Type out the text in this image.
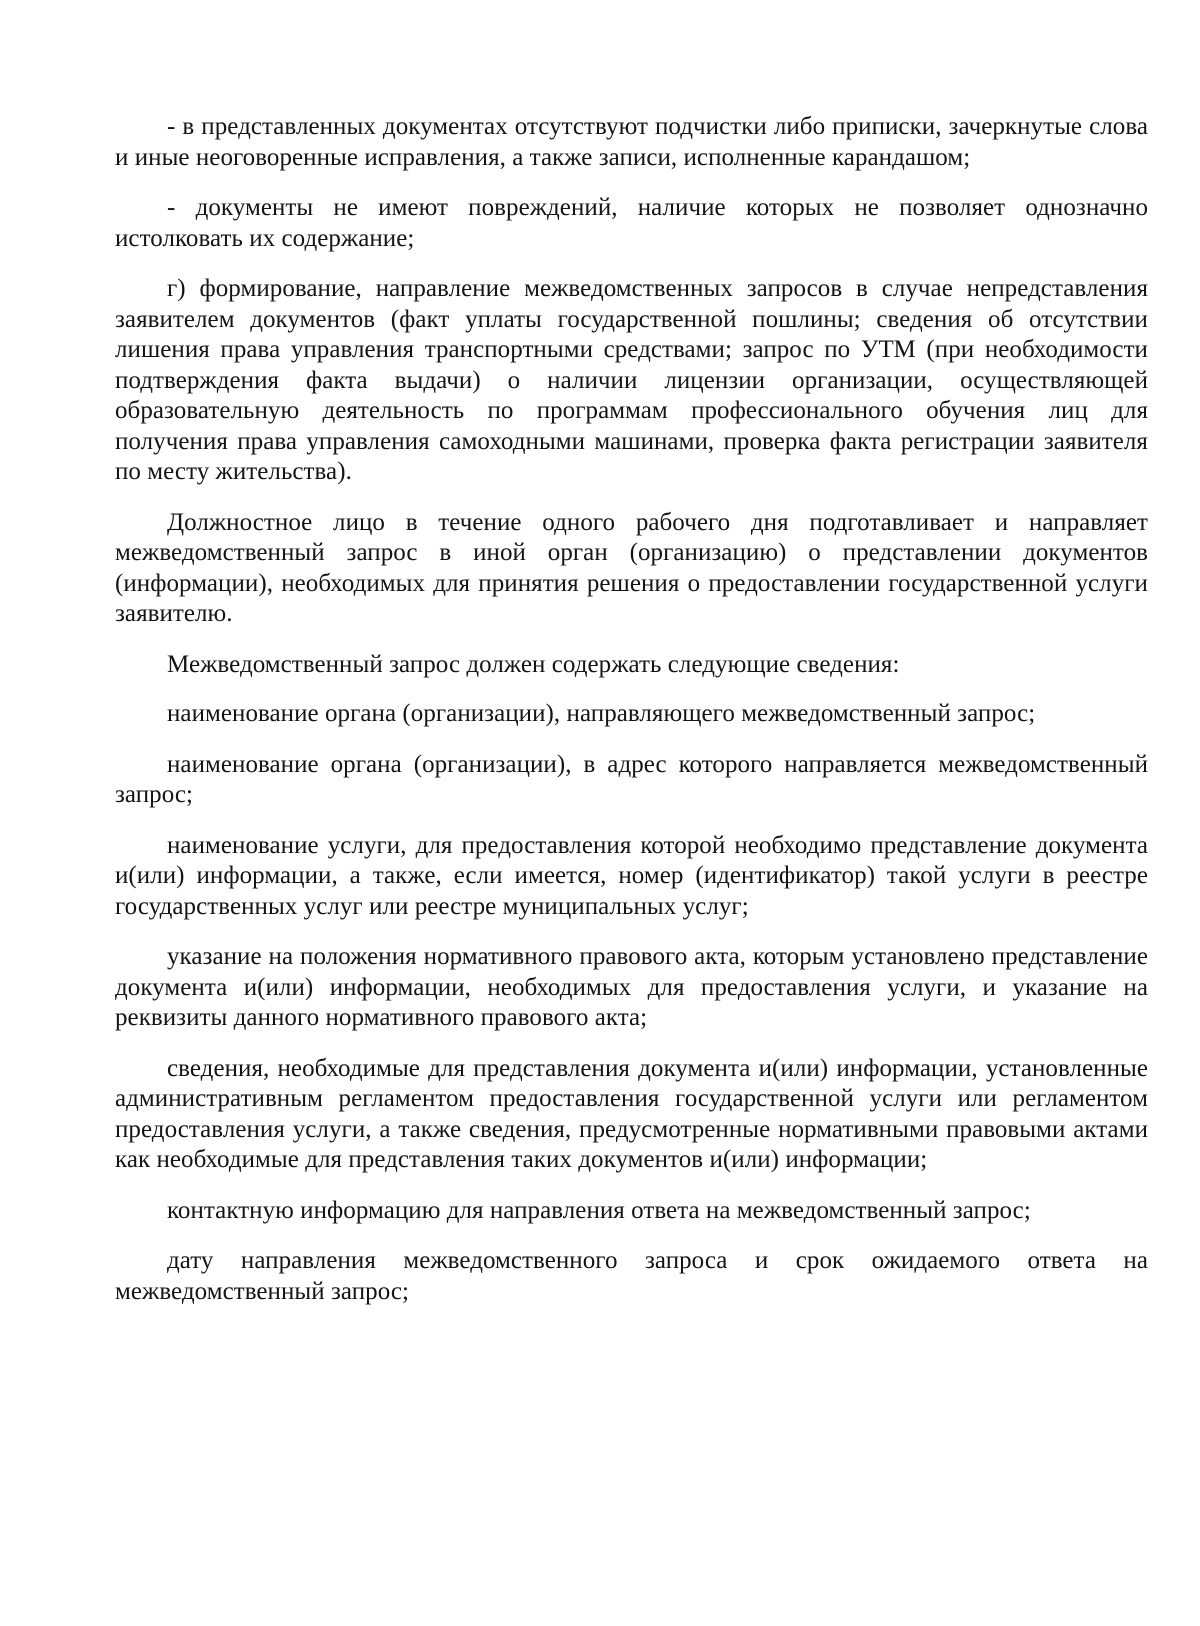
- в представленных документах отсутствуют подчистки либо приписки, зачеркнутые слова и иные неоговоренные исправления, а также записи, исполненные карандашом;

- документы не имеют повреждений, наличие которых не позволяет однозначно истолковать их содержание;

г) формирование, направление межведомственных запросов в случае непредставления заявителем документов (факт уплаты государственной пошлины; сведения об отсутствии лишения права управления транспортными средствами; запрос по УТМ (при необходимости подтверждения факта выдачи) о наличии лицензии организации, осуществляющей образовательную деятельность по программам профессионального обучения лиц для получения права управления самоходными машинами, проверка факта регистрации заявителя по месту жительства).

Должностное лицо в течение одного рабочего дня подготавливает и направляет межведомственный запрос в иной орган (организацию) о представлении документов (информации), необходимых для принятия решения о предоставлении государственной услуги заявителю.

Межведомственный запрос должен содержать следующие сведения:

наименование органа (организации), направляющего межведомственный запрос;

наименование органа (организации), в адрес которого направляется межведомственный запрос;

наименование услуги, для предоставления которой необходимо представление документа и(или) информации, а также, если имеется, номер (идентификатор) такой услуги в реестре государственных услуг или реестре муниципальных услуг;

указание на положения нормативного правового акта, которым установлено представление документа и(или) информации, необходимых для предоставления услуги, и указание на реквизиты данного нормативного правового акта;

сведения, необходимые для представления документа и(или) информации, установленные административным регламентом предоставления государственной услуги или регламентом предоставления услуги, а также сведения, предусмотренные нормативными правовыми актами как необходимые для представления таких документов и(или) информации;

контактную информацию для направления ответа на межведомственный запрос;

дату направления межведомственного запроса и срок ожидаемого ответа на межведомственный запрос;
